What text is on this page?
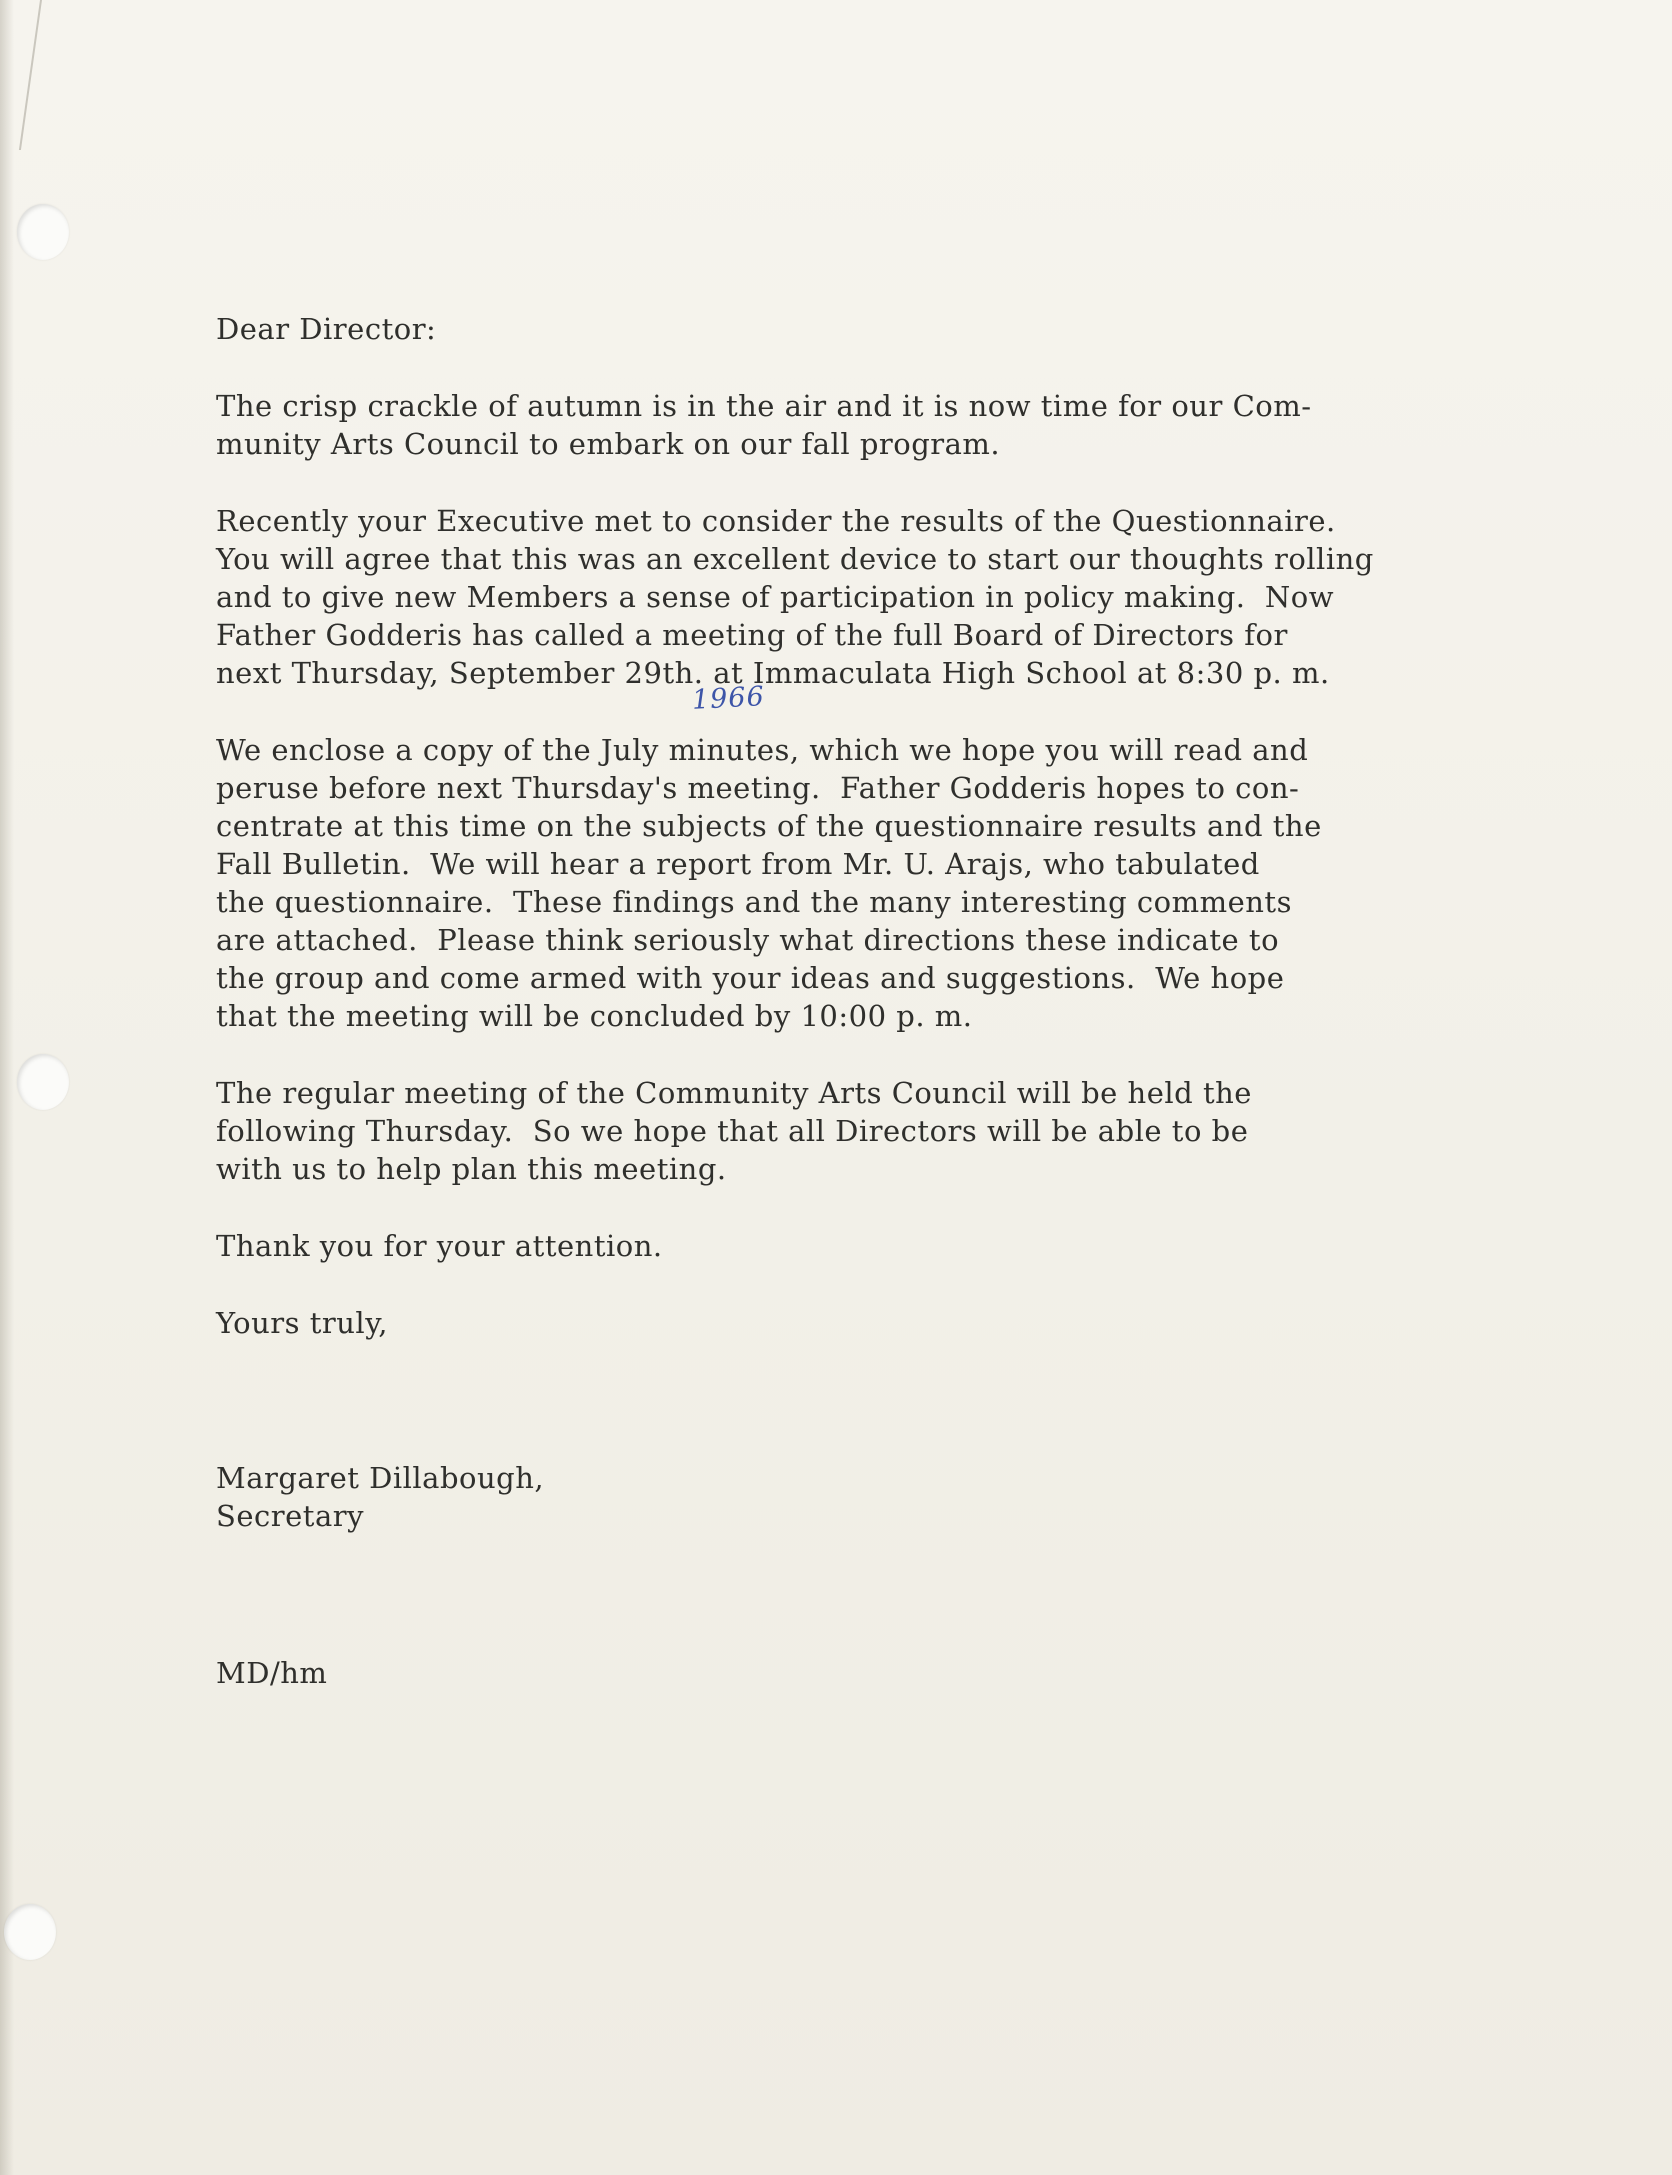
Dear Director:
The crisp crackle of autumn is in the air and it is now time for our Com-
munity Arts Council to embark on our fall program.
Recently your Executive met to consider the results of the Questionnaire.
You will agree that this was an excellent device to start our thoughts rolling
and to give new Members a sense of participation in policy making.  Now
Father Godderis has called a meeting of the full Board of Directors for
next Thursday, September 29th. at Immaculata High School at 8:30 p. m.
We enclose a copy of the July minutes, which we hope you will read and
peruse before next Thursday's meeting.  Father Godderis hopes to con-
centrate at this time on the subjects of the questionnaire results and the
Fall Bulletin.  We will hear a report from Mr. U. Arajs, who tabulated
the questionnaire.  These findings and the many interesting comments
are attached.  Please think seriously what directions these indicate to
the group and come armed with your ideas and suggestions.  We hope
that the meeting will be concluded by 10:00 p. m.
The regular meeting of the Community Arts Council will be held the
following Thursday.  So we hope that all Directors will be able to be
with us to help plan this meeting.
Thank you for your attention.
Yours truly,
Margaret Dillabough,
Secretary
MD/hm
1966
